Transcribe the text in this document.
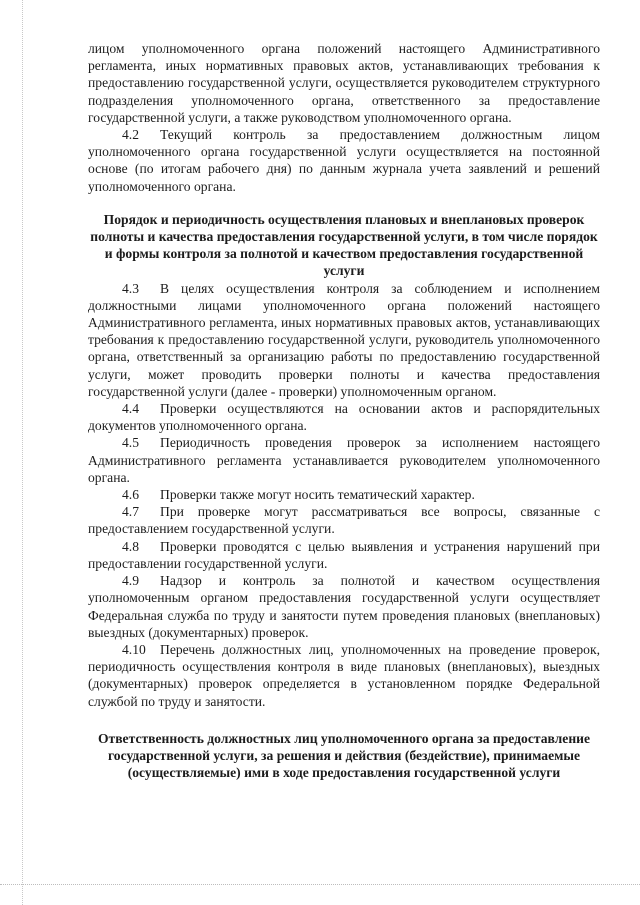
лицом уполномоченного органа положений настоящего Административного регламента, иных нормативных правовых актов, устанавливающих требования к предоставлению государственной услуги, осуществляется руководителем структурного подразделения уполномоченного органа, ответственного за предоставление государственной услуги, а также руководством уполномоченного органа.

4.2 Текущий контроль за предоставлением должностным лицом уполномоченного органа государственной услуги осуществляется на постоянной основе (по итогам рабочего дня) по данным журнала учета заявлений и решений уполномоченного органа.

Порядок и периодичность осуществления плановых и внеплановых проверок полноты и качества предоставления государственной услуги, в том числе порядок и формы контроля за полнотой и качеством предоставления государственной услуги

4.3 В целях осуществления контроля за соблюдением и исполнением должностными лицами уполномоченного органа положений настоящего Административного регламента, иных нормативных правовых актов, устанавливающих требования к предоставлению государственной услуги, руководитель уполномоченного органа, ответственный за организацию работы по предоставлению государственной услуги, может проводить проверки полноты и качества предоставления государственной услуги (далее - проверки) уполномоченным органом.

4.4 Проверки осуществляются на основании актов и распорядительных документов уполномоченного органа.

4.5 Периодичность проведения проверок за исполнением настоящего Административного регламента устанавливается руководителем уполномоченного органа.

4.6 Проверки также могут носить тематический характер.

4.7 При проверке могут рассматриваться все вопросы, связанные с предоставлением государственной услуги.

4.8 Проверки проводятся с целью выявления и устранения нарушений при предоставлении государственной услуги.

4.9 Надзор и контроль за полнотой и качеством осуществления уполномоченным органом предоставления государственной услуги осуществляет Федеральная служба по труду и занятости путем проведения плановых (внеплановых) выездных (документарных) проверок.

4.10 Перечень должностных лиц, уполномоченных на проведение проверок, периодичность осуществления контроля в виде плановых (внеплановых), выездных (документарных) проверок определяется в установленном порядке Федеральной службой по труду и занятости.

Ответственность должностных лиц уполномоченного органа за предоставление государственной услуги, за решения и действия (бездействие), принимаемые (осуществляемые) ими в ходе предоставления государственной услуги
